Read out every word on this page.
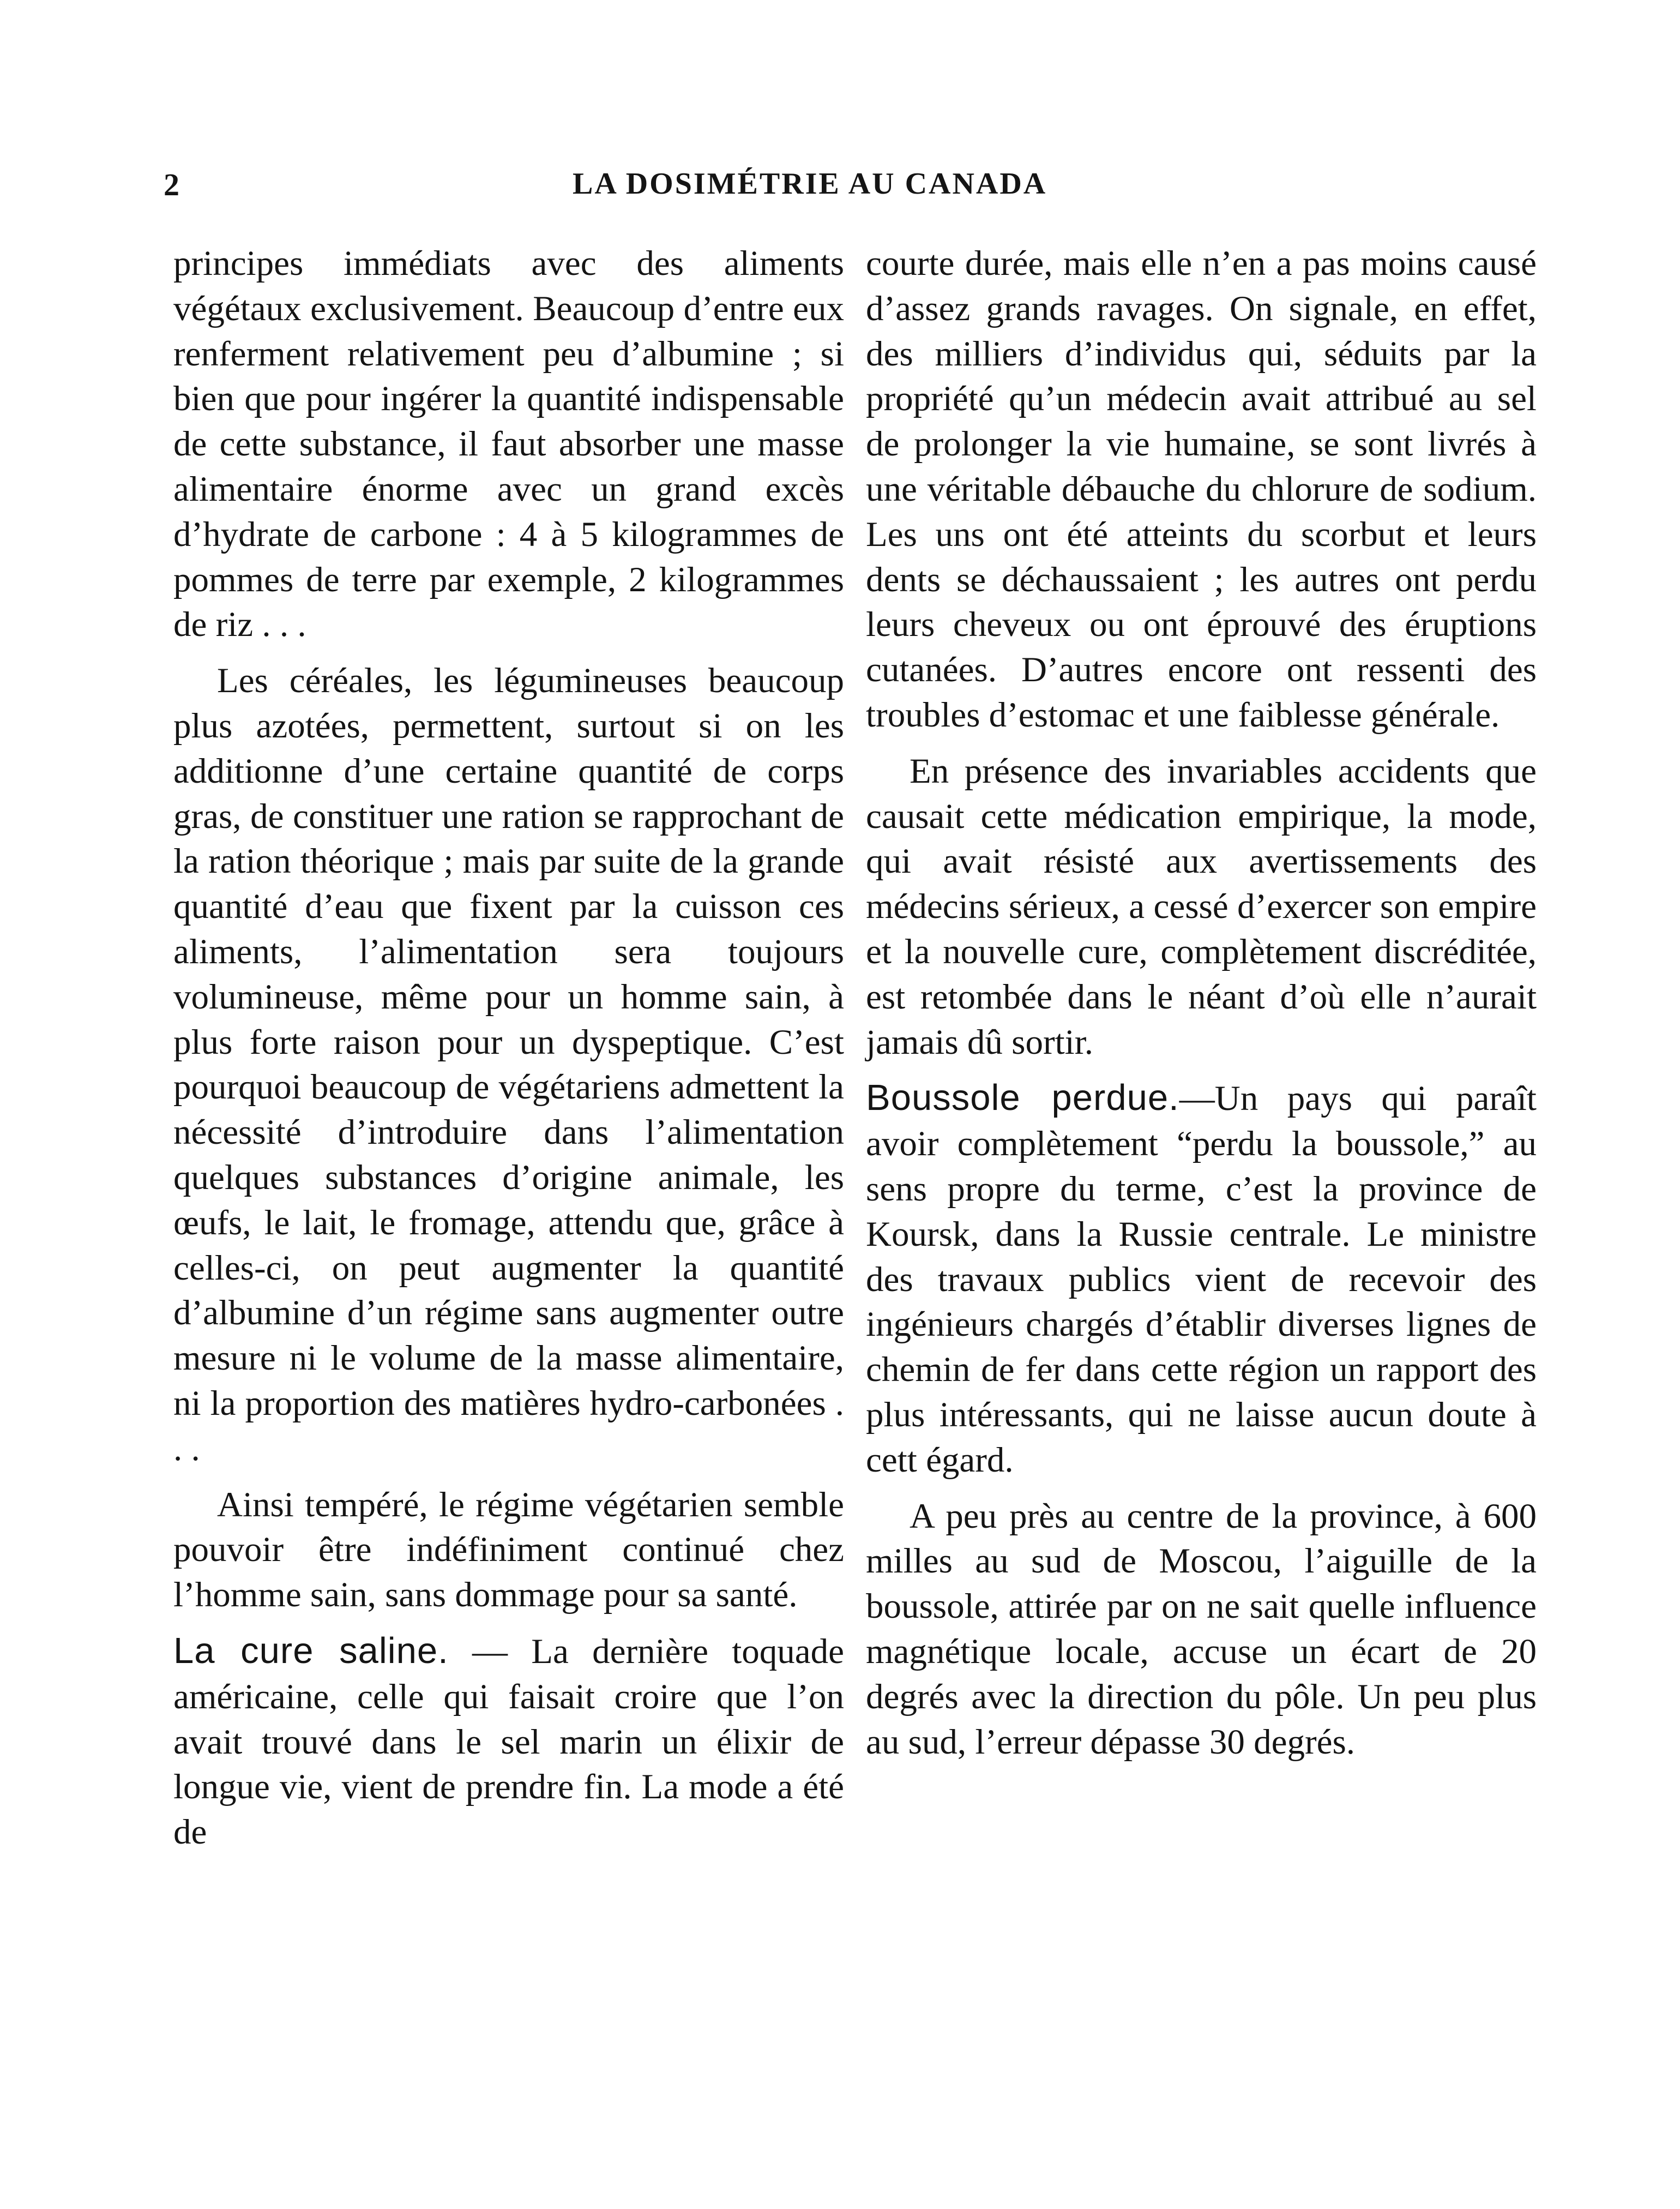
2	LA DOSIMÉTRIE AU CANADA

principes immédiats avec des aliments végétaux exclusivement. Beaucoup d’entre eux renferment relativement peu d’albumine ; si bien que pour ingérer la quantité indispensable de cette substance, il faut absorber une masse alimentaire énorme avec un grand excès d’hydrate de carbone : 4 à 5 kilogrammes de pommes de terre par exemple, 2 kilogrammes de riz . . .

Les céréales, les légumineuses beaucoup plus azotées, permettent, surtout si on les additionne d’une certaine quantité de corps gras, de constituer une ration se rapprochant de la ration théorique ; mais par suite de la grande quantité d’eau que fixent par la cuisson ces aliments, l’alimentation sera toujours volumineuse, même pour un homme sain, à plus forte raison pour un dyspeptique. C’est pourquoi beaucoup de végétariens admettent la nécessité d’introduire dans l’alimentation quelques substances d’origine animale, les œufs, le lait, le fromage, attendu que, grâce à celles-ci, on peut augmenter la quantité d’albumine d’un régime sans augmenter outre mesure ni le volume de la masse alimentaire, ni la proportion des matières hydro-carbonées . . .

Ainsi tempéré, le régime végétarien semble pouvoir être indéfiniment continué chez l’homme sain, sans dommage pour sa santé.

La cure saline. — La dernière toquade américaine, celle qui faisait croire que l’on avait trouvé dans le sel marin un élixir de longue vie, vient de prendre fin. La mode a été de

courte durée, mais elle n’en a pas moins causé d’assez grands ravages. On signale, en effet, des milliers d’individus qui, séduits par la propriété qu’un médecin avait attribué au sel de prolonger la vie humaine, se sont livrés à une véritable débauche du chlorure de sodium. Les uns ont été atteints du scorbut et leurs dents se déchaussaient ; les autres ont perdu leurs cheveux ou ont éprouvé des éruptions cutanées. D’autres encore ont ressenti des troubles d’estomac et une faiblesse générale.

En présence des invariables accidents que causait cette médication empirique, la mode, qui avait résisté aux avertissements des médecins sérieux, a cessé d’exercer son empire et la nouvelle cure, complètement discréditée, est retombée dans le néant d’où elle n’aurait jamais dû sortir.

Boussole perdue.—Un pays qui paraît avoir complètement “perdu la boussole,” au sens propre du terme, c’est la province de Koursk, dans la Russie centrale. Le ministre des travaux publics vient de recevoir des ingénieurs chargés d’établir diverses lignes de chemin de fer dans cette région un rapport des plus intéressants, qui ne laisse aucun doute à cett égard.

A peu près au centre de la province, à 600 milles au sud de Moscou, l’aiguille de la boussole, attirée par on ne sait quelle influence magnétique locale, accuse un écart de 20 degrés avec la direction du pôle. Un peu plus au sud, l’erreur dépasse 30 degrés.
